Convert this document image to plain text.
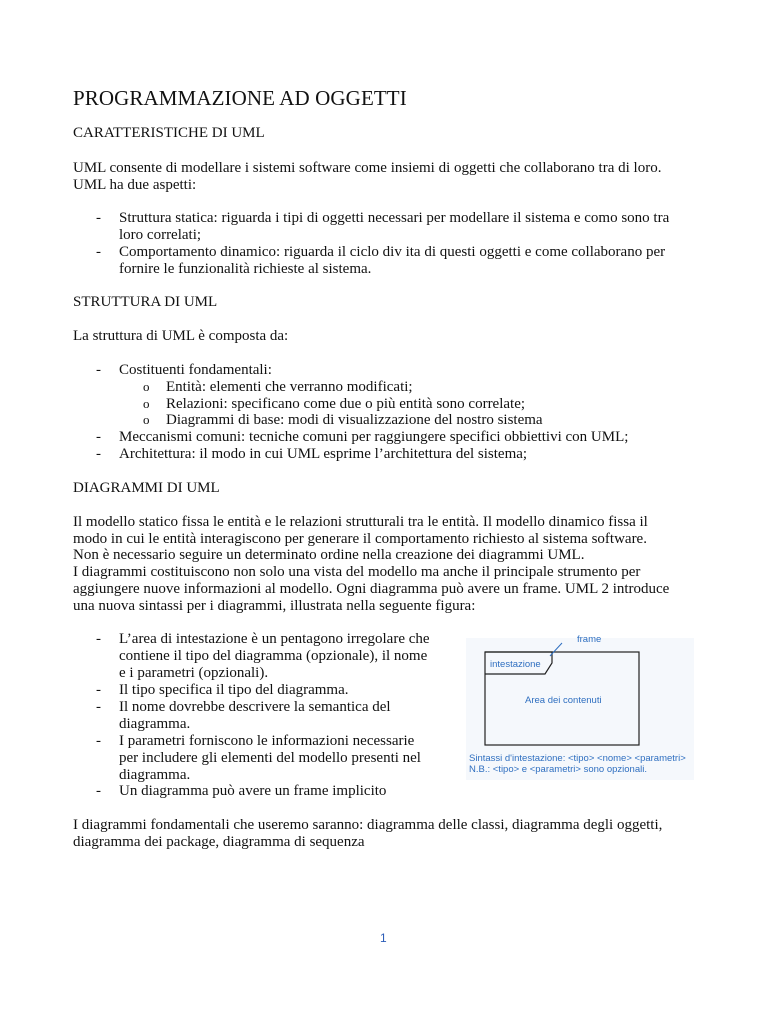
PROGRAMMAZIONE AD OGGETTI
CARATTERISTICHE DI UML
UML consente di modellare i sistemi software come insiemi di oggetti che collaborano tra di loro.
UML ha due aspetti:
- Struttura statica: riguarda i tipi di oggetti necessari per modellare il sistema e como sono tra
loro correlati;
- Comportamento dinamico: riguarda il ciclo div ita di questi oggetti e come collaborano per
fornire le funzionalità richieste al sistema.
STRUTTURA DI UML
La struttura di UML è composta da:
- Costituenti fondamentali:
o Entità: elementi che verranno modificati;
o Relazioni: specificano come due o più entità sono correlate;
o Diagrammi di base: modi di visualizzazione del nostro sistema
- Meccanismi comuni: tecniche comuni per raggiungere specifici obbiettivi con UML;
- Architettura: il modo in cui UML esprime l’architettura del sistema;
DIAGRAMMI DI UML
Il modello statico fissa le entità e le relazioni strutturali tra le entità. Il modello dinamico fissa il
modo in cui le entità interagiscono per generare il comportamento richiesto al sistema software.
Non è necessario seguire un determinato ordine nella creazione dei diagrammi UML.
I diagrammi costituiscono non solo una vista del modello ma anche il principale strumento per
aggiungere nuove informazioni al modello. Ogni diagramma può avere un frame. UML 2 introduce
una nuova sintassi per i diagrammi, illustrata nella seguente figura:
- L’area di intestazione è un pentagono irregolare che
contiene il tipo del diagramma (opzionale), il nome
e i parametri (opzionali).
- Il tipo specifica il tipo del diagramma.
- Il nome dovrebbe descrivere la semantica del
diagramma.
- I parametri forniscono le informazioni necessarie
per includere gli elementi del modello presenti nel
diagramma.
- Un diagramma può avere un frame implicito
frame
intestazione
Area dei contenuti
Sintassi d'intestazione: <tipo> <nome> <parametri>
N.B.: <tipo> e <parametri> sono opzionali.
I diagrammi fondamentali che useremo saranno: diagramma delle classi, diagramma degli oggetti,
diagramma dei package, diagramma di sequenza
1
